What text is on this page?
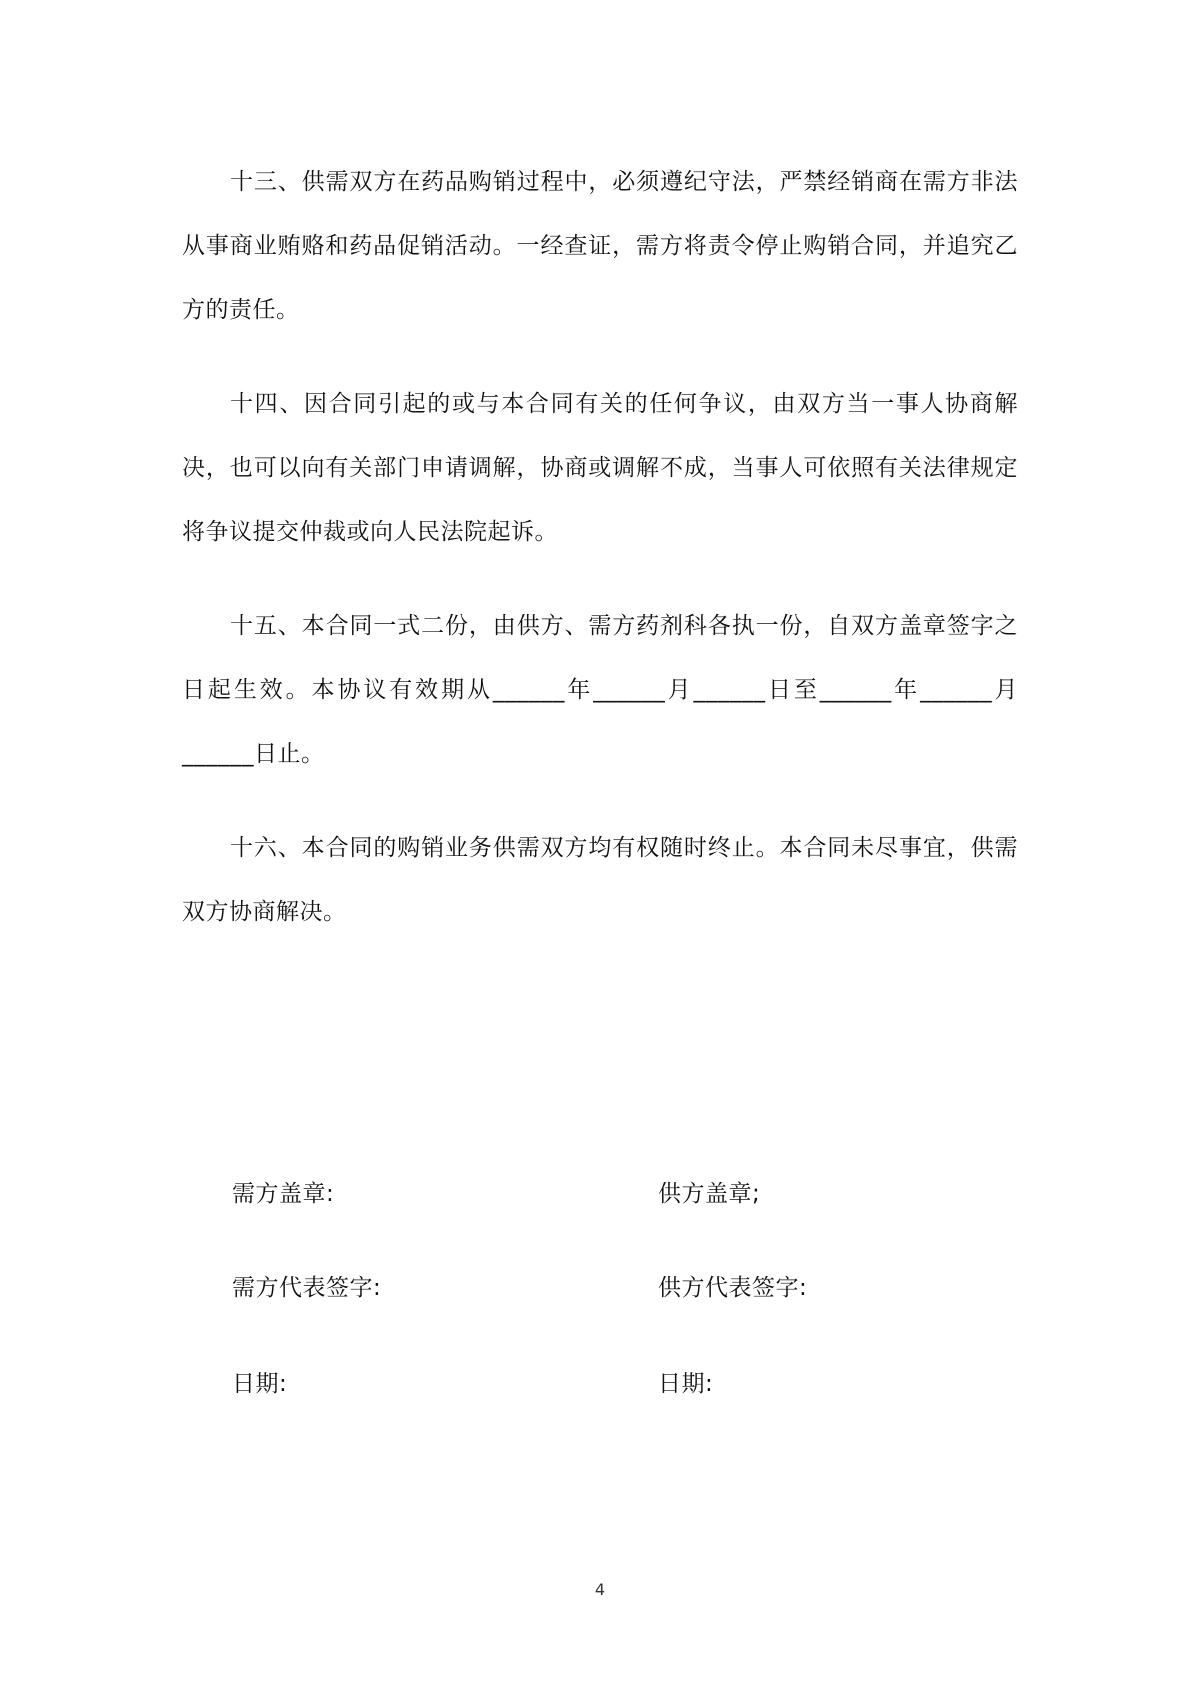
十三、供需双方在药品购销过程中，必须遵纪守法，严禁经销商在需方非法从事商业贿赂和药品促销活动。一经查证，需方将责令停止购销合同，并追究乙方的责任。

十四、因合同引起的或与本合同有关的任何争议，由双方当一事人协商解决，也可以向有关部门申请调解，协商或调解不成，当事人可依照有关法律规定将争议提交仲裁或向人民法院起诉。

十五、本合同一式二份，由供方、需方药剂科各执一份，自双方盖章签字之日起生效。本协议有效期从______年______月______日至______年______月______日止。

十六、本合同的购销业务供需双方均有权随时终止。本合同未尽事宜，供需双方协商解决。

需方盖章:	供方盖章;
需方代表签字:	供方代表签字:
日期:	日期:
4
